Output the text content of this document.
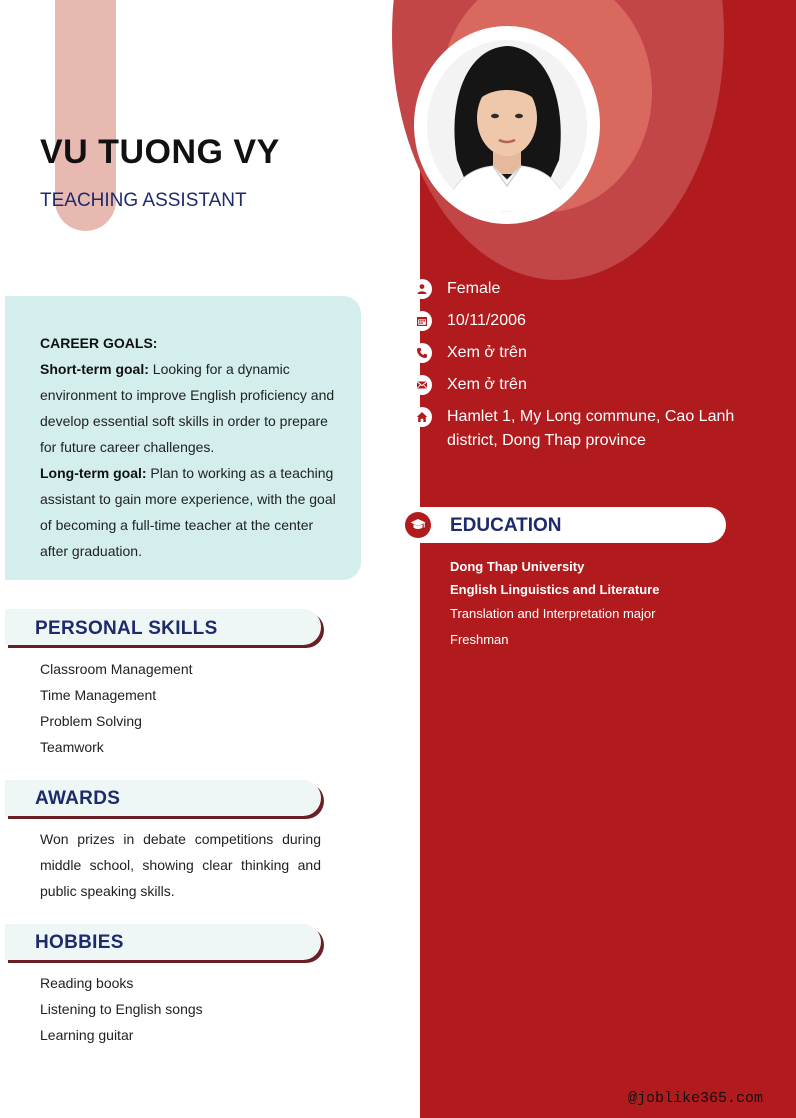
VU TUONG VY
TEACHING ASSISTANT
CAREER GOALS:
Short-term goal: Looking for a dynamic environment to improve English proficiency and develop essential soft skills in order to prepare for future career challenges.
Long-term goal: Plan to working as a teaching assistant to gain more experience, with the goal of becoming a full-time teacher at the center after graduation.
PERSONAL SKILLS
Classroom Management
Time Management
Problem Solving
Teamwork
AWARDS
Won prizes in debate competitions during middle school, showing clear thinking and public speaking skills.
HOBBIES
Reading books
Listening to English songs
Learning guitar
Female
10/11/2006
Xem ở trên
Xem ở trên
Hamlet 1, My Long commune, Cao Lanh district, Dong Thap province
EDUCATION
Dong Thap University
English Linguistics and Literature
Translation and Interpretation major
Freshman
@joblike365.com
